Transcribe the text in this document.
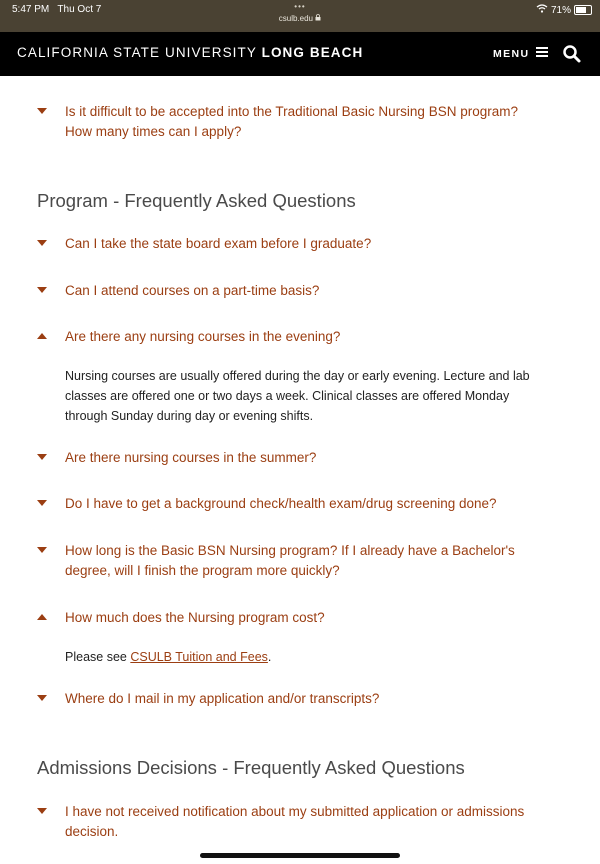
5:47 PM Thu Oct 7	•••
csulb.edu
71%
CALIFORNIA STATE UNIVERSITY LONG BEACH	MENU
Is it difficult to be accepted into the Traditional Basic Nursing BSN program? How many times can I apply?
Program - Frequently Asked Questions
Can I take the state board exam before I graduate?
Can I attend courses on a part-time basis?
Are there any nursing courses in the evening?
Nursing courses are usually offered during the day or early evening. Lecture and lab classes are offered one or two days a week. Clinical classes are offered Monday through Sunday during day or evening shifts.
Are there nursing courses in the summer?
Do I have to get a background check/health exam/drug screening done?
How long is the Basic BSN Nursing program? If I already have a Bachelor's degree, will I finish the program more quickly?
How much does the Nursing program cost?
Please see CSULB Tuition and Fees.
Where do I mail in my application and/or transcripts?
Admissions Decisions - Frequently Asked Questions
I have not received notification about my submitted application or admissions decision.
